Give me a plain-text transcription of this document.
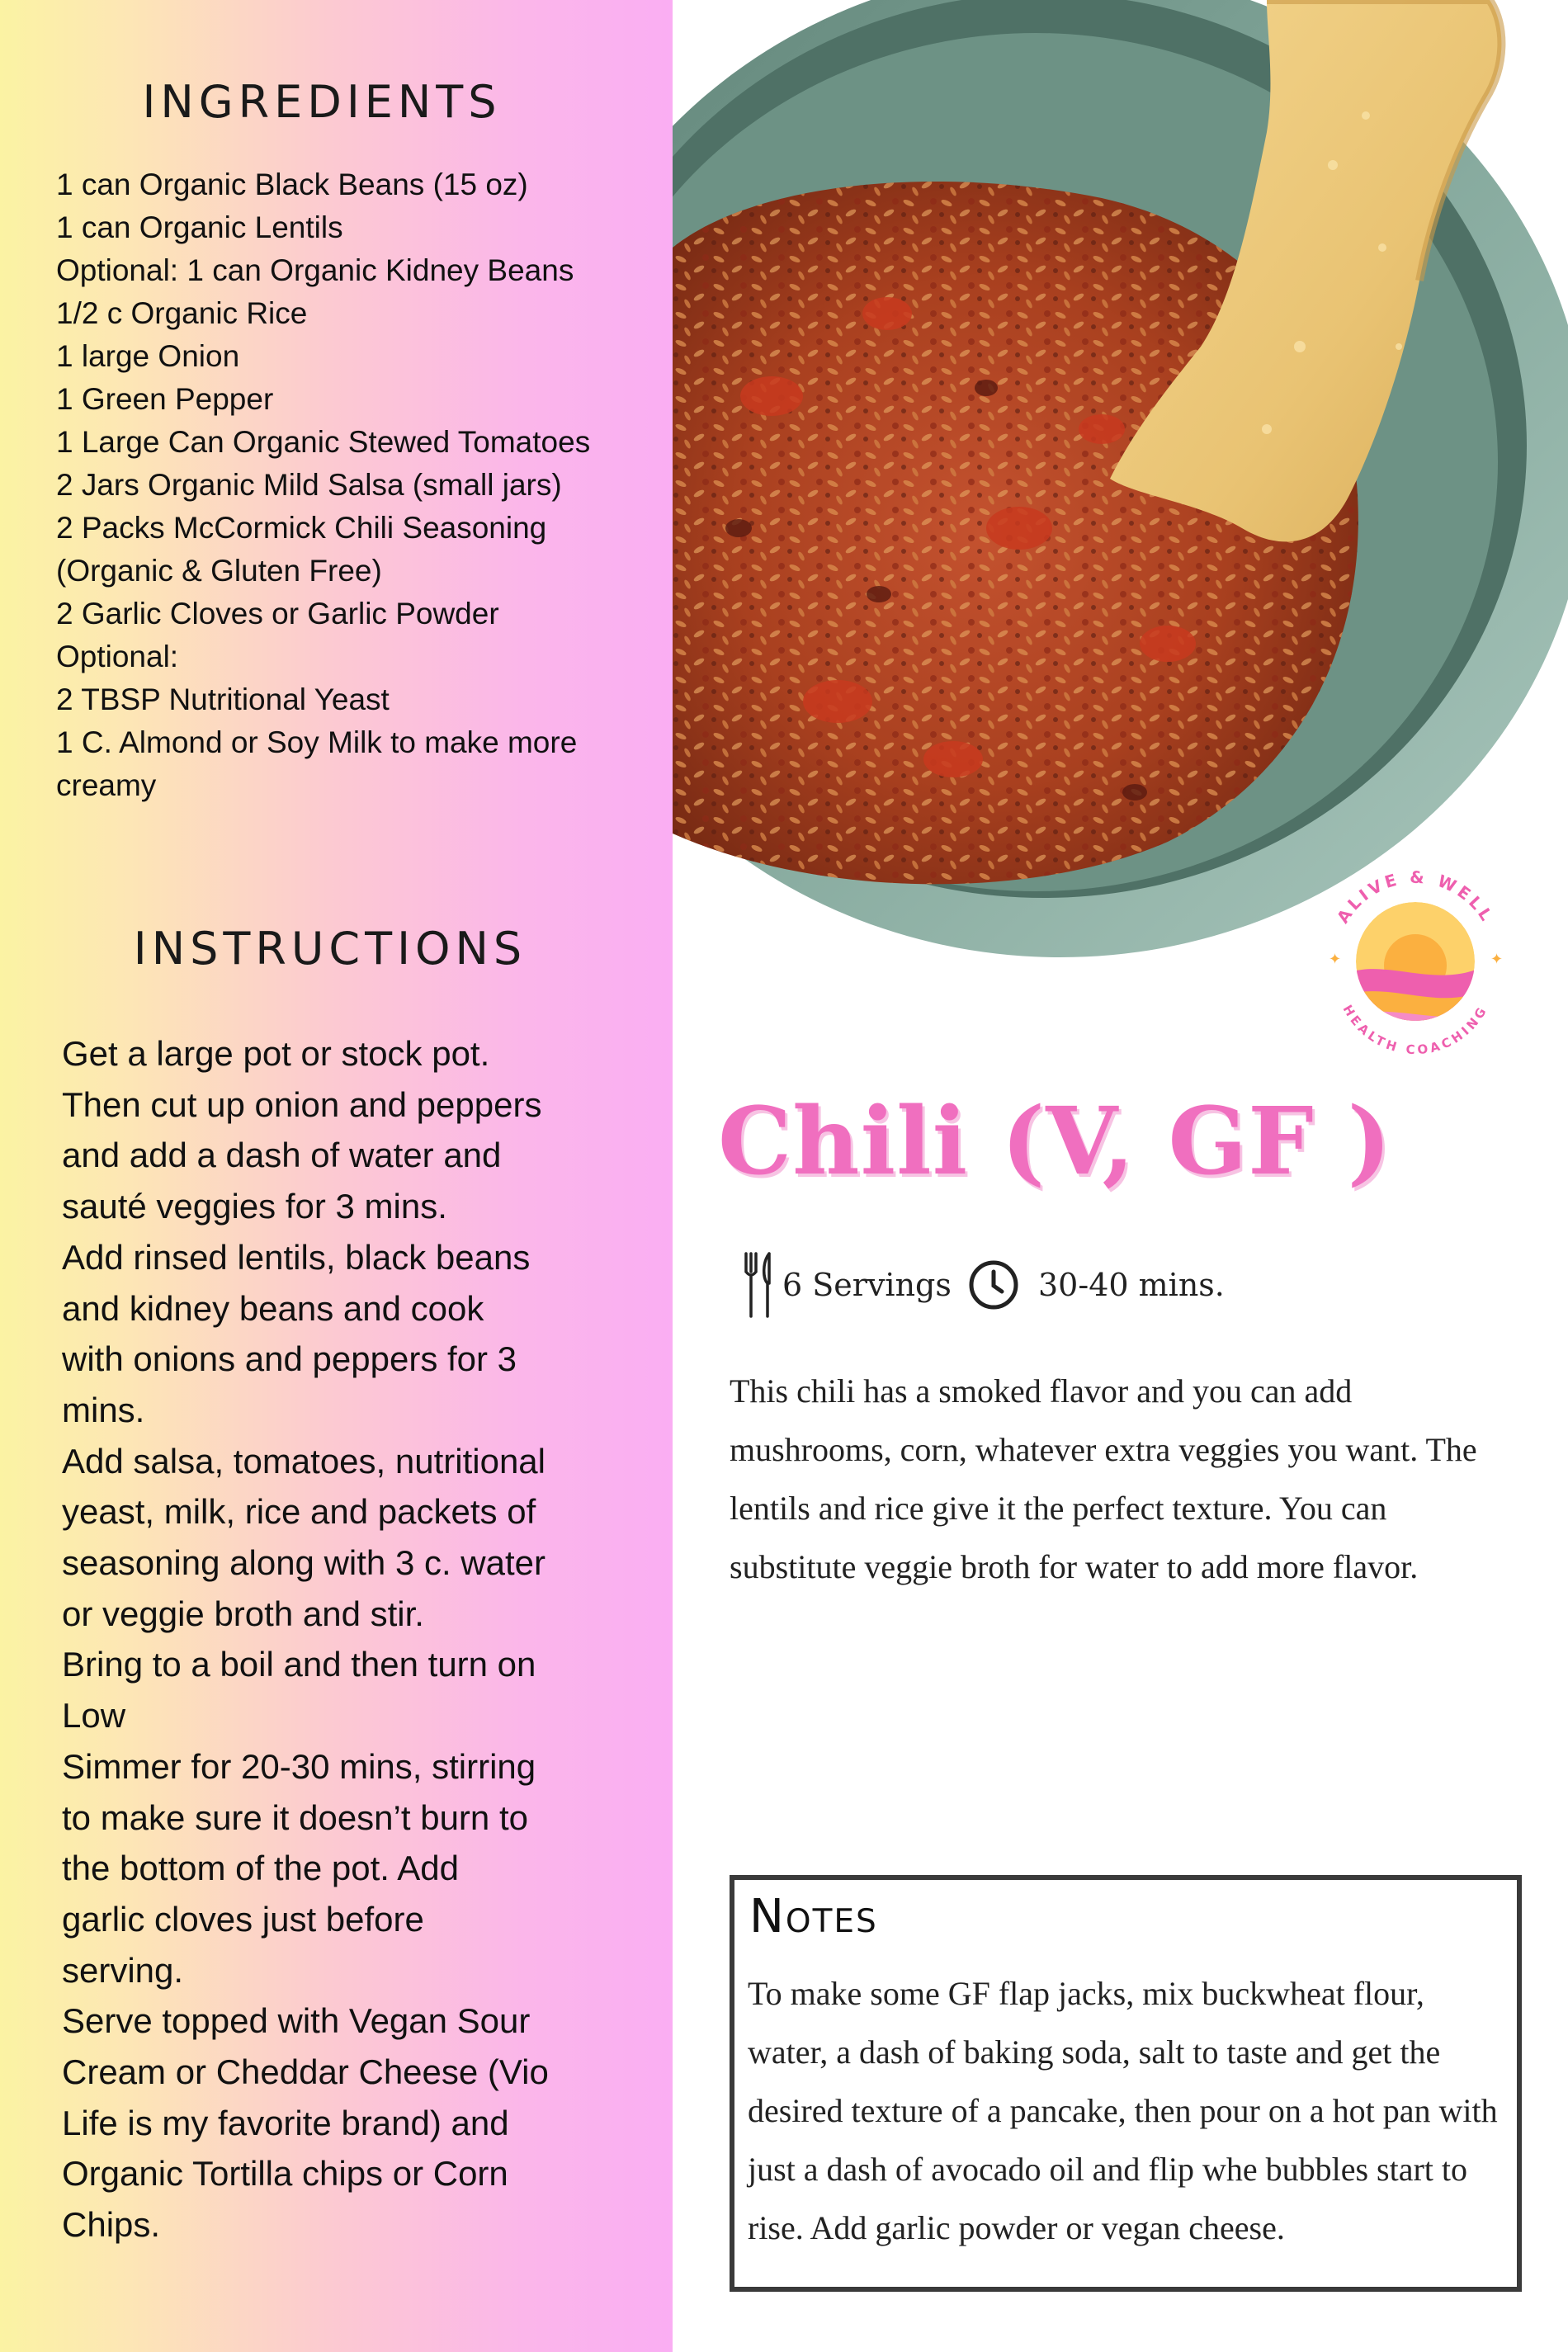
INGREDIENTS
1 can Organic Black Beans (15 oz)
1 can Organic Lentils
Optional: 1 can Organic Kidney Beans
1/2 c Organic Rice
1 large Onion
1 Green Pepper
1 Large Can Organic Stewed Tomatoes
2 Jars Organic Mild Salsa (small jars)
2 Packs McCormick Chili Seasoning
(Organic & Gluten Free)
2 Garlic Cloves or Garlic Powder
Optional:
2 TBSP Nutritional Yeast
1 C. Almond or Soy Milk to make more
creamy
INSTRUCTIONS
Get a large pot or stock pot.
Then cut up onion and peppers
and add a dash of water and
sauté veggies for 3 mins.
Add rinsed lentils, black beans
and kidney beans and cook
with onions and peppers for 3
mins.
Add salsa, tomatoes, nutritional
yeast, milk, rice and packets of
seasoning along with 3 c. water
or veggie broth and stir.
Bring to a boil and then turn on
Low
Simmer for 20-30 mins, stirring
to make sure it doesn’t burn to
the bottom of the pot. Add
garlic cloves just before
serving.
Serve topped with Vegan Sour
Cream or Cheddar Cheese (Vio
Life is my favorite brand) and
Organic Tortilla chips or Corn
Chips.
ALIVE & WELL
HEALTH COACHING
✦	✦
Chili (V, GF )
6 Servings	30-40 mins.

This chili has a smoked flavor and you can add mushrooms, corn, whatever extra veggies you want. The lentils and rice give it the perfect texture. You can substitute veggie broth for water to add more flavor.

Notes

To make some GF flap jacks, mix buckwheat flour, water, a dash of baking soda, salt to taste and get the desired texture of a pancake, then pour on a hot pan with just a dash of avocado oil and flip whe bubbles start to rise. Add garlic powder or vegan cheese.
